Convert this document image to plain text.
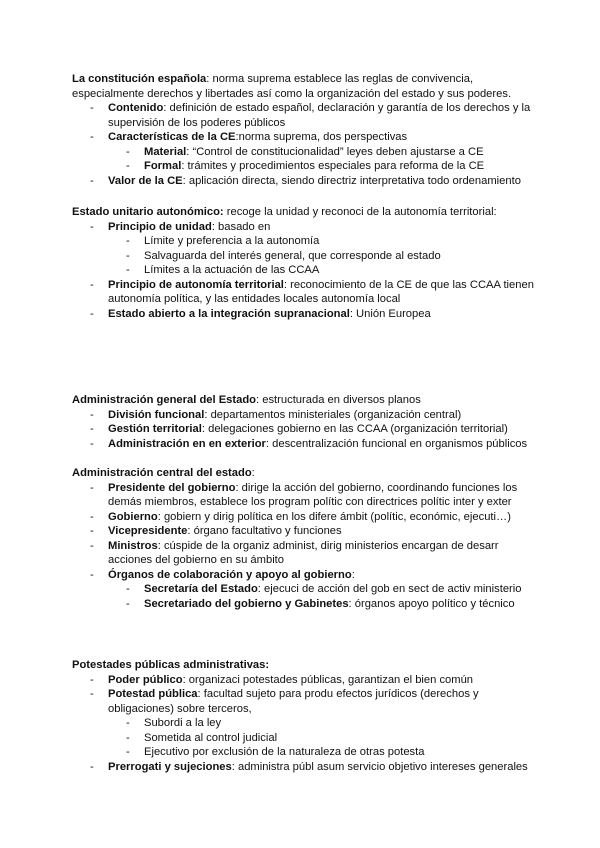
La constitución española: norma suprema establece las reglas de convivencia, especialmente derechos y libertades así como la organización del estado y sus poderes.

- Contenido: definición de estado español, declaración y garantía de los derechos y la supervisión de los poderes públicos
- Características de la CE:norma suprema, dos perspectivas
- Material: “Control de constitucionalidad” leyes deben ajustarse a CE
- Formal: trámites y procedimientos especiales para reforma de la CE
- Valor de la CE: aplicación directa, siendo directriz interpretativa todo ordenamiento

Estado unitario autonómico: recoge la unidad y reconoci de la autonomía territorial:

- Principio de unidad: basado en
- Límite y preferencia a la autonomía
- Salvaguarda del interés general, que corresponde al estado
- Límites a la actuación de las CCAA
- Principio de autonomía territorial: reconocimiento de la CE de que las CCAA tienen autonomía política, y las entidades locales autonomía local
- Estado abierto a la integración supranacional: Unión Europea

Administración general del Estado: estructurada en diversos planos

- División funcional: departamentos ministeriales (organización central)
- Gestión territorial: delegaciones gobierno en las CCAA (organización territorial)
- Administración en en exterior: descentralización funcional en organismos públicos

Administración central del estado:

- Presidente del gobierno: dirige la acción del gobierno, coordinando funciones los demás miembros, establece los program polític con directrices polític inter y exter
- Gobierno: gobiern y dirig política en los difere ámbit (polític, económic, ejecuti…)
- Vicepresidente: órgano facultativo y funciones
- Ministros: cúspide de la organiz administ, dirig ministerios encargan de desarr acciones del gobierno en su ámbito
- Órganos de colaboración y apoyo al gobierno:
- Secretaría del Estado: ejecuci de acción del gob en sect de activ ministerio
- Secretariado del gobierno y Gabinetes: órganos apoyo político y técnico

Potestades públicas administrativas:

- Poder público: organizaci potestades públicas, garantizan el bien común
- Potestad pública: facultad sujeto para produ efectos jurídicos (derechos y obligaciones) sobre terceros,
- Subordi a la ley
- Sometida al control judicial
- Ejecutivo por exclusión de la naturaleza de otras potesta
- Prerrogati y sujeciones: administra públ asum servicio objetivo intereses generales
